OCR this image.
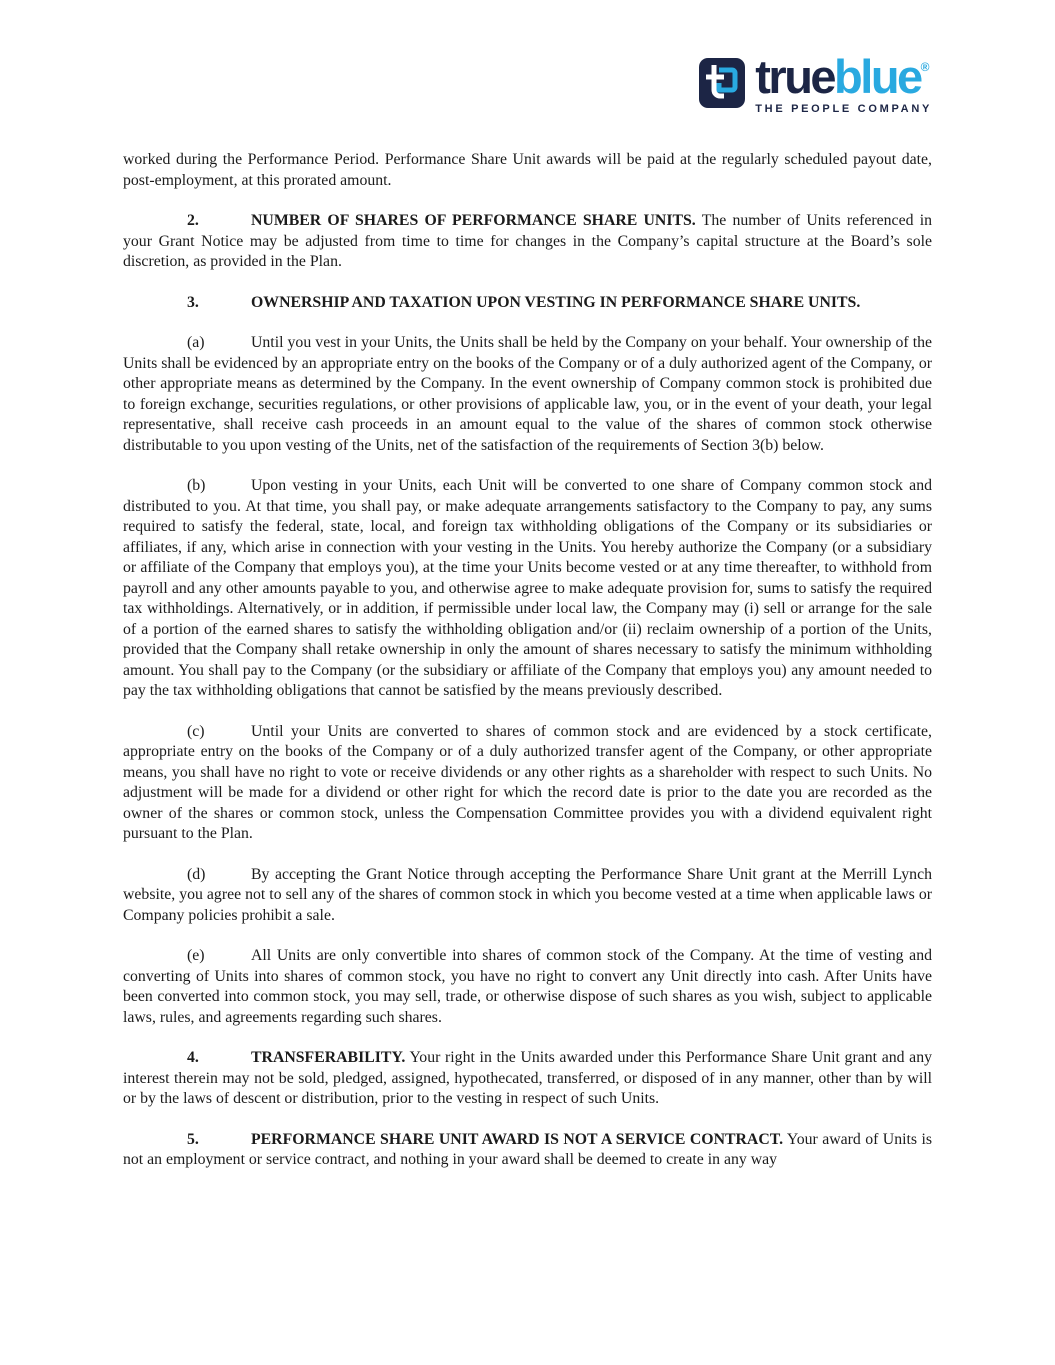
trueblue®
THE PEOPLE COMPANY

worked during the Performance Period. Performance Share Unit awards will be paid at the regularly scheduled payout date, post-employment, at this prorated amount.

2.	NUMBER OF SHARES OF PERFORMANCE SHARE UNITS. The number of Units referenced in your Grant Notice may be adjusted from time to time for changes in the Company’s capital structure at the Board’s sole discretion, as provided in the Plan.

3.	OWNERSHIP AND TAXATION UPON VESTING IN PERFORMANCE SHARE UNITS.

(a)	Until you vest in your Units, the Units shall be held by the Company on your behalf. Your ownership of the Units shall be evidenced by an appropriate entry on the books of the Company or of a duly authorized agent of the Company, or other appropriate means as determined by the Company. In the event ownership of Company common stock is prohibited due to foreign exchange, securities regulations, or other provisions of applicable law, you, or in the event of your death, your legal representative, shall receive cash proceeds in an amount equal to the value of the shares of common stock otherwise distributable to you upon vesting of the Units, net of the satisfaction of the requirements of Section 3(b) below.

(b)	Upon vesting in your Units, each Unit will be converted to one share of Company common stock and distributed to you. At that time, you shall pay, or make adequate arrangements satisfactory to the Company to pay, any sums required to satisfy the federal, state, local, and foreign tax withholding obligations of the Company or its subsidiaries or affiliates, if any, which arise in connection with your vesting in the Units. You hereby authorize the Company (or a subsidiary or affiliate of the Company that employs you), at the time your Units become vested or at any time thereafter, to withhold from payroll and any other amounts payable to you, and otherwise agree to make adequate provision for, sums to satisfy the required tax withholdings. Alternatively, or in addition, if permissible under local law, the Company may (i) sell or arrange for the sale of a portion of the earned shares to satisfy the withholding obligation and/or (ii) reclaim ownership of a portion of the Units, provided that the Company shall retake ownership in only the amount of shares necessary to satisfy the minimum withholding amount. You shall pay to the Company (or the subsidiary or affiliate of the Company that employs you) any amount needed to pay the tax withholding obligations that cannot be satisfied by the means previously described.

(c)	Until your Units are converted to shares of common stock and are evidenced by a stock certificate, appropriate entry on the books of the Company or of a duly authorized transfer agent of the Company, or other appropriate means, you shall have no right to vote or receive dividends or any other rights as a shareholder with respect to such Units. No adjustment will be made for a dividend or other right for which the record date is prior to the date you are recorded as the owner of the shares or common stock, unless the Compensation Committee provides you with a dividend equivalent right pursuant to the Plan.

(d)	By accepting the Grant Notice through accepting the Performance Share Unit grant at the Merrill Lynch website, you agree not to sell any of the shares of common stock in which you become vested at a time when applicable laws or Company policies prohibit a sale.

(e)	All Units are only convertible into shares of common stock of the Company. At the time of vesting and converting of Units into shares of common stock, you have no right to convert any Unit directly into cash. After Units have been converted into common stock, you may sell, trade, or otherwise dispose of such shares as you wish, subject to applicable laws, rules, and agreements regarding such shares.

4.	TRANSFERABILITY. Your right in the Units awarded under this Performance Share Unit grant and any interest therein may not be sold, pledged, assigned, hypothecated, transferred, or disposed of in any manner, other than by will or by the laws of descent or distribution, prior to the vesting in respect of such Units.

5.	PERFORMANCE SHARE UNIT AWARD IS NOT A SERVICE CONTRACT. Your award of Units is not an employment or service contract, and nothing in your award shall be deemed to create in any way
